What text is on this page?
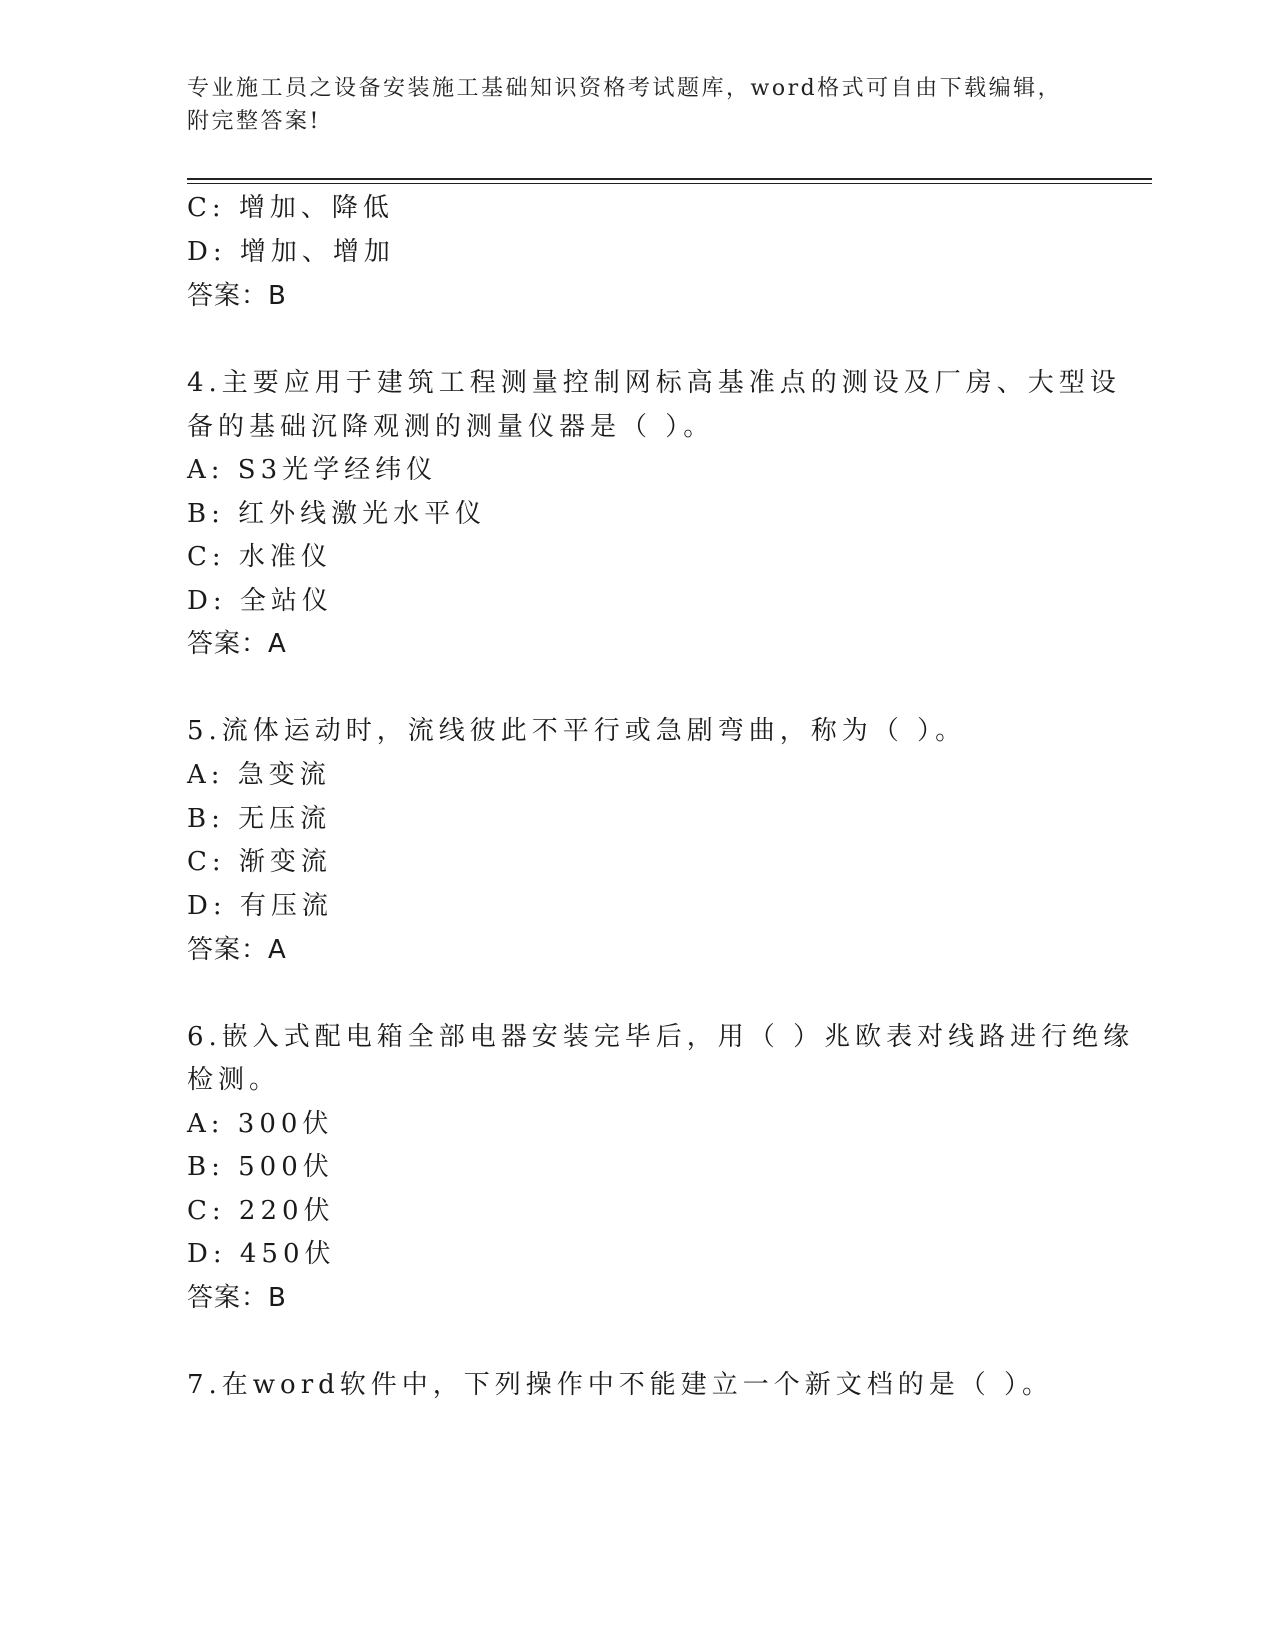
专业施工员之设备安装施工基础知识资格考试题库，word格式可自由下载编辑，
附完整答案!
C: 增加、降低
D: 增加、增加
答案：B
4.主要应用于建筑工程测量控制网标高基准点的测设及厂房、大型设
备的基础沉降观测的测量仪器是（ ）。
A: S3光学经纬仪
B: 红外线激光水平仪
C: 水准仪
D: 全站仪
答案：A
5.流体运动时，流线彼此不平行或急剧弯曲，称为（ ）。
A: 急变流
B: 无压流
C: 渐变流
D: 有压流
答案：A
6.嵌入式配电箱全部电器安装完毕后，用（ ）兆欧表对线路进行绝缘
检测。
A: 300伏
B: 500伏
C: 220伏
D: 450伏
答案：B
7.在word软件中，下列操作中不能建立一个新文档的是（ ）。
